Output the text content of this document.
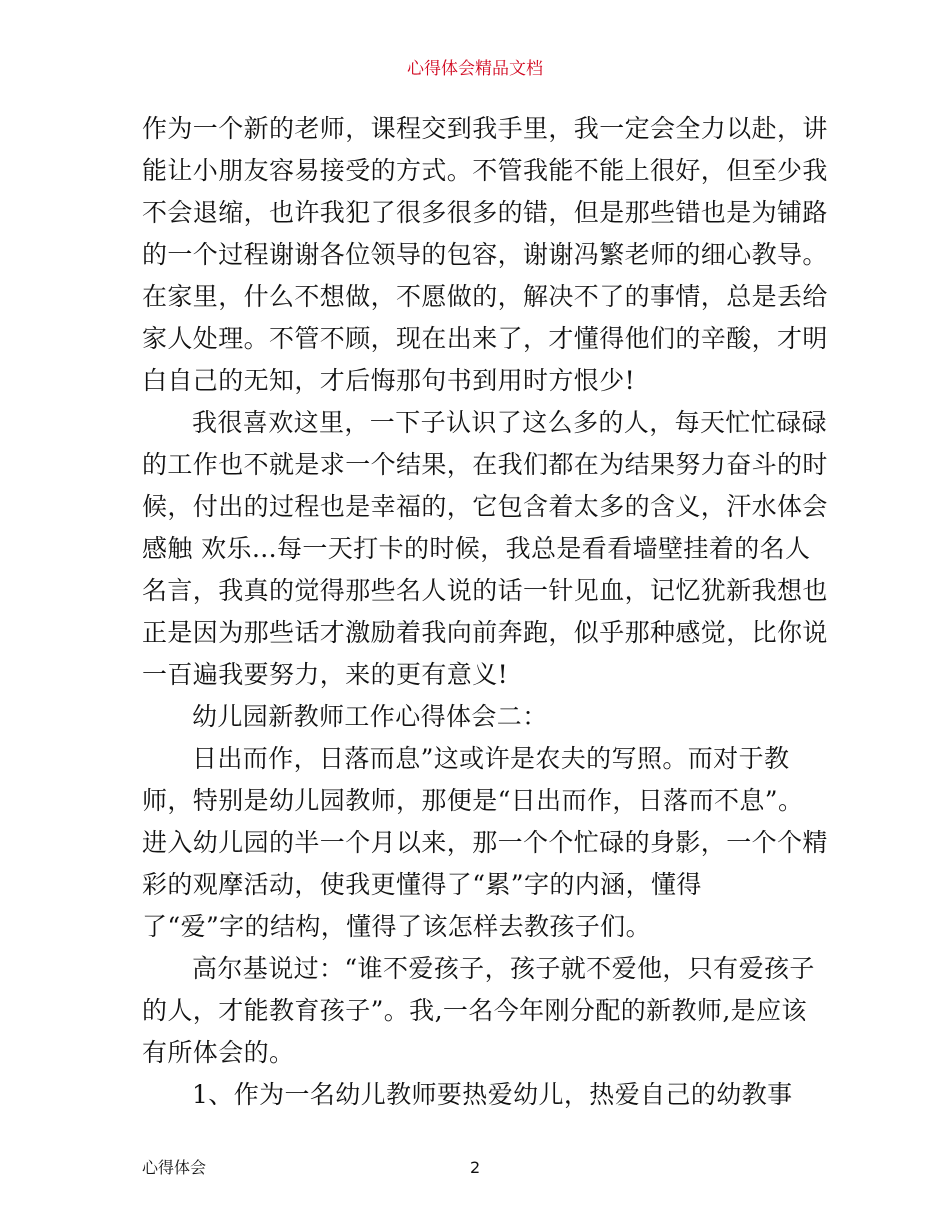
心得体会精品文档
作为一个新的老师，课程交到我手里，我一定会全力以赴，讲
能让小朋友容易接受的方式。不管我能不能上很好，但至少我
不会退缩，也许我犯了很多很多的错，但是那些错也是为铺路
的一个过程谢谢各位领导的包容，谢谢冯繁老师的细心教导。
在家里，什么不想做，不愿做的，解决不了的事情，总是丢给
家人处理。不管不顾，现在出来了，才懂得他们的辛酸，才明
白自己的无知，才后悔那句书到用时方恨少!
我很喜欢这里，一下子认识了这么多的人，每天忙忙碌碌
的工作也不就是求一个结果，在我们都在为结果努力奋斗的时
候，付出的过程也是幸福的，它包含着太多的含义，汗水体会
感触 欢乐...每一天打卡的时候，我总是看看墙壁挂着的名人
名言，我真的觉得那些名人说的话一针见血，记忆犹新我想也
正是因为那些话才激励着我向前奔跑，似乎那种感觉，比你说
一百遍我要努力，来的更有意义!
幼儿园新教师工作心得体会二：
日出而作，日落而息”这或许是农夫的写照。而对于教
师，特别是幼儿园教师，那便是“日出而作，日落而不息”。
进入幼儿园的半一个月以来，那一个个忙碌的身影，一个个精
彩的观摩活动，使我更懂得了“累”字的内涵，懂得
了“爱”字的结构，懂得了该怎样去教孩子们。
高尔基说过：“谁不爱孩子，孩子就不爱他，只有爱孩子
的人，才能教育孩子”。我,一名今年刚分配的新教师,是应该
有所体会的。
1、作为一名幼儿教师要热爱幼儿，热爱自己的幼教事
心得体会	2
